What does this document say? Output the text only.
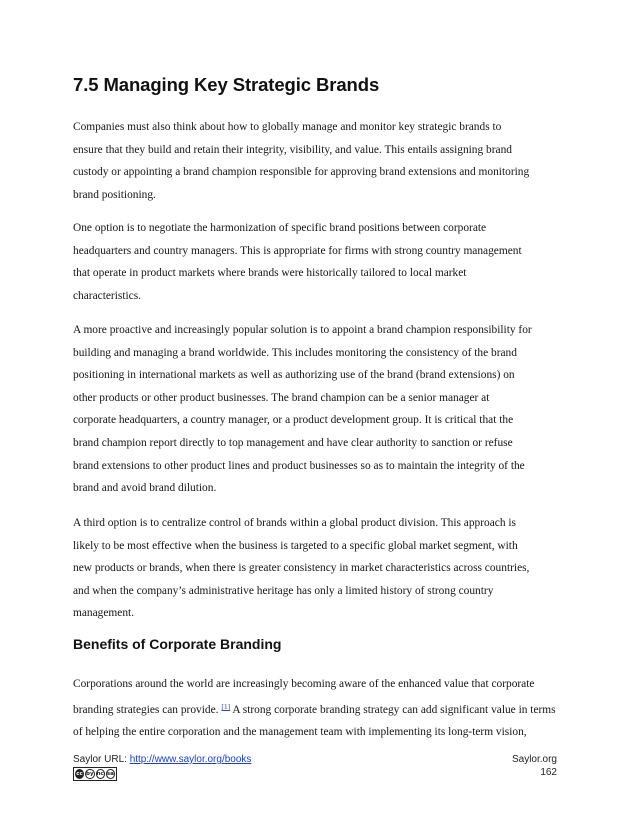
7.5 Managing Key Strategic Brands

Companies must also think about how to globally manage and monitor key strategic brands to
ensure that they build and retain their integrity, visibility, and value. This entails assigning brand
custody or appointing a brand champion responsible for approving brand extensions and monitoring
brand positioning.

One option is to negotiate the harmonization of specific brand positions between corporate
headquarters and country managers. This is appropriate for firms with strong country management
that operate in product markets where brands were historically tailored to local market
characteristics.

A more proactive and increasingly popular solution is to appoint a brand champion responsibility for
building and managing a brand worldwide. This includes monitoring the consistency of the brand
positioning in international markets as well as authorizing use of the brand (brand extensions) on
other products or other product businesses. The brand champion can be a senior manager at
corporate headquarters, a country manager, or a product development group. It is critical that the
brand champion report directly to top management and have clear authority to sanction or refuse
brand extensions to other product lines and product businesses so as to maintain the integrity of the
brand and avoid brand dilution.

A third option is to centralize control of brands within a global product division. This approach is
likely to be most effective when the business is targeted to a specific global market segment, with
new products or brands, when there is greater consistency in market characteristics across countries,
and when the company’s administrative heritage has only a limited history of strong country
management.

Benefits of Corporate Branding

Corporations around the world are increasingly becoming aware of the enhanced value that corporate
branding strategies can provide. [1] A strong corporate branding strategy can add significant value in terms
of helping the entire corporation and the management team with implementing its long-term vision,

Saylor URL: http://www.saylor.org/books
cc by nc sa
Saylor.org
162
